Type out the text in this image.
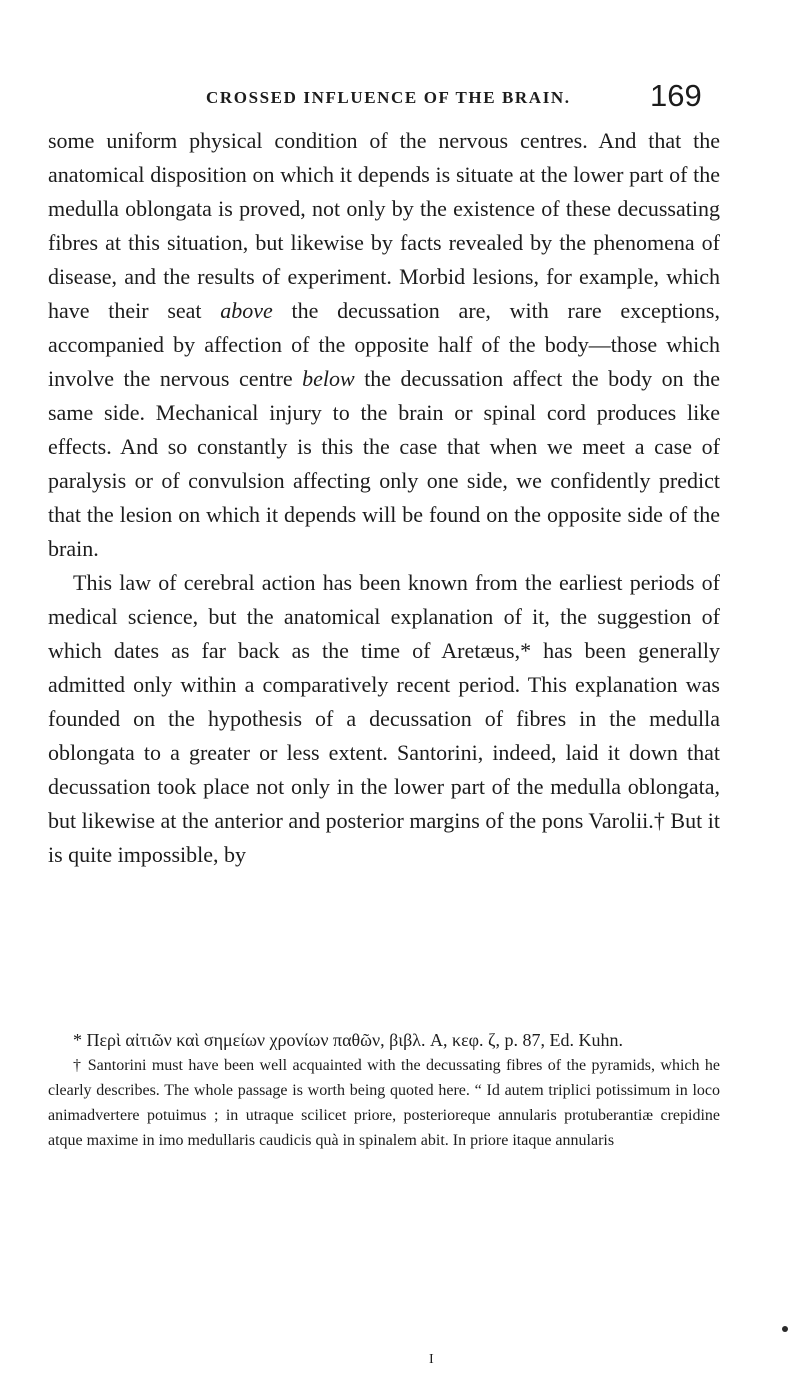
CROSSED INFLUENCE OF THE BRAIN.	169

some uniform physical condition of the nervous centres. And that the anatomical disposition on which it depends is situate at the lower part of the medulla oblongata is proved, not only by the existence of these decussating fibres at this situation, but likewise by facts revealed by the phenomena of disease, and the results of experiment. Morbid lesions, for example, which have their seat above the decussation are, with rare exceptions, accompanied by affection of the opposite half of the body—those which involve the nervous centre below the decussation affect the body on the same side. Mechanical injury to the brain or spinal cord produces like effects. And so constantly is this the case that when we meet a case of paralysis or of convulsion affecting only one side, we confidently predict that the lesion on which it depends will be found on the opposite side of the brain.

This law of cerebral action has been known from the earliest periods of medical science, but the anatomical explanation of it, the suggestion of which dates as far back as the time of Aretæus,* has been generally admitted only within a comparatively recent period. This explanation was founded on the hypothesis of a decussation of fibres in the medulla oblongata to a greater or less extent. Santorini, indeed, laid it down that decussation took place not only in the lower part of the medulla oblongata, but likewise at the anterior and posterior margins of the pons Varolii.† But it is quite impossible, by

* Περὶ αἰτιῶν καὶ σημείων χρονίων παθῶν, βιβλ. A, κεφ. ζ, p. 87, Ed. Kuhn.

† Santorini must have been well acquainted with the decussating fibres of the pyramids, which he clearly describes. The whole passage is worth being quoted here. “ Id autem triplici potissimum in loco animadvertere potuimus ; in utraque scilicet priore, posterioreque annularis protuberantiæ crepidine atque maxime in imo medullaris caudicis quà in spinalem abit. In priore itaque annularis

I
